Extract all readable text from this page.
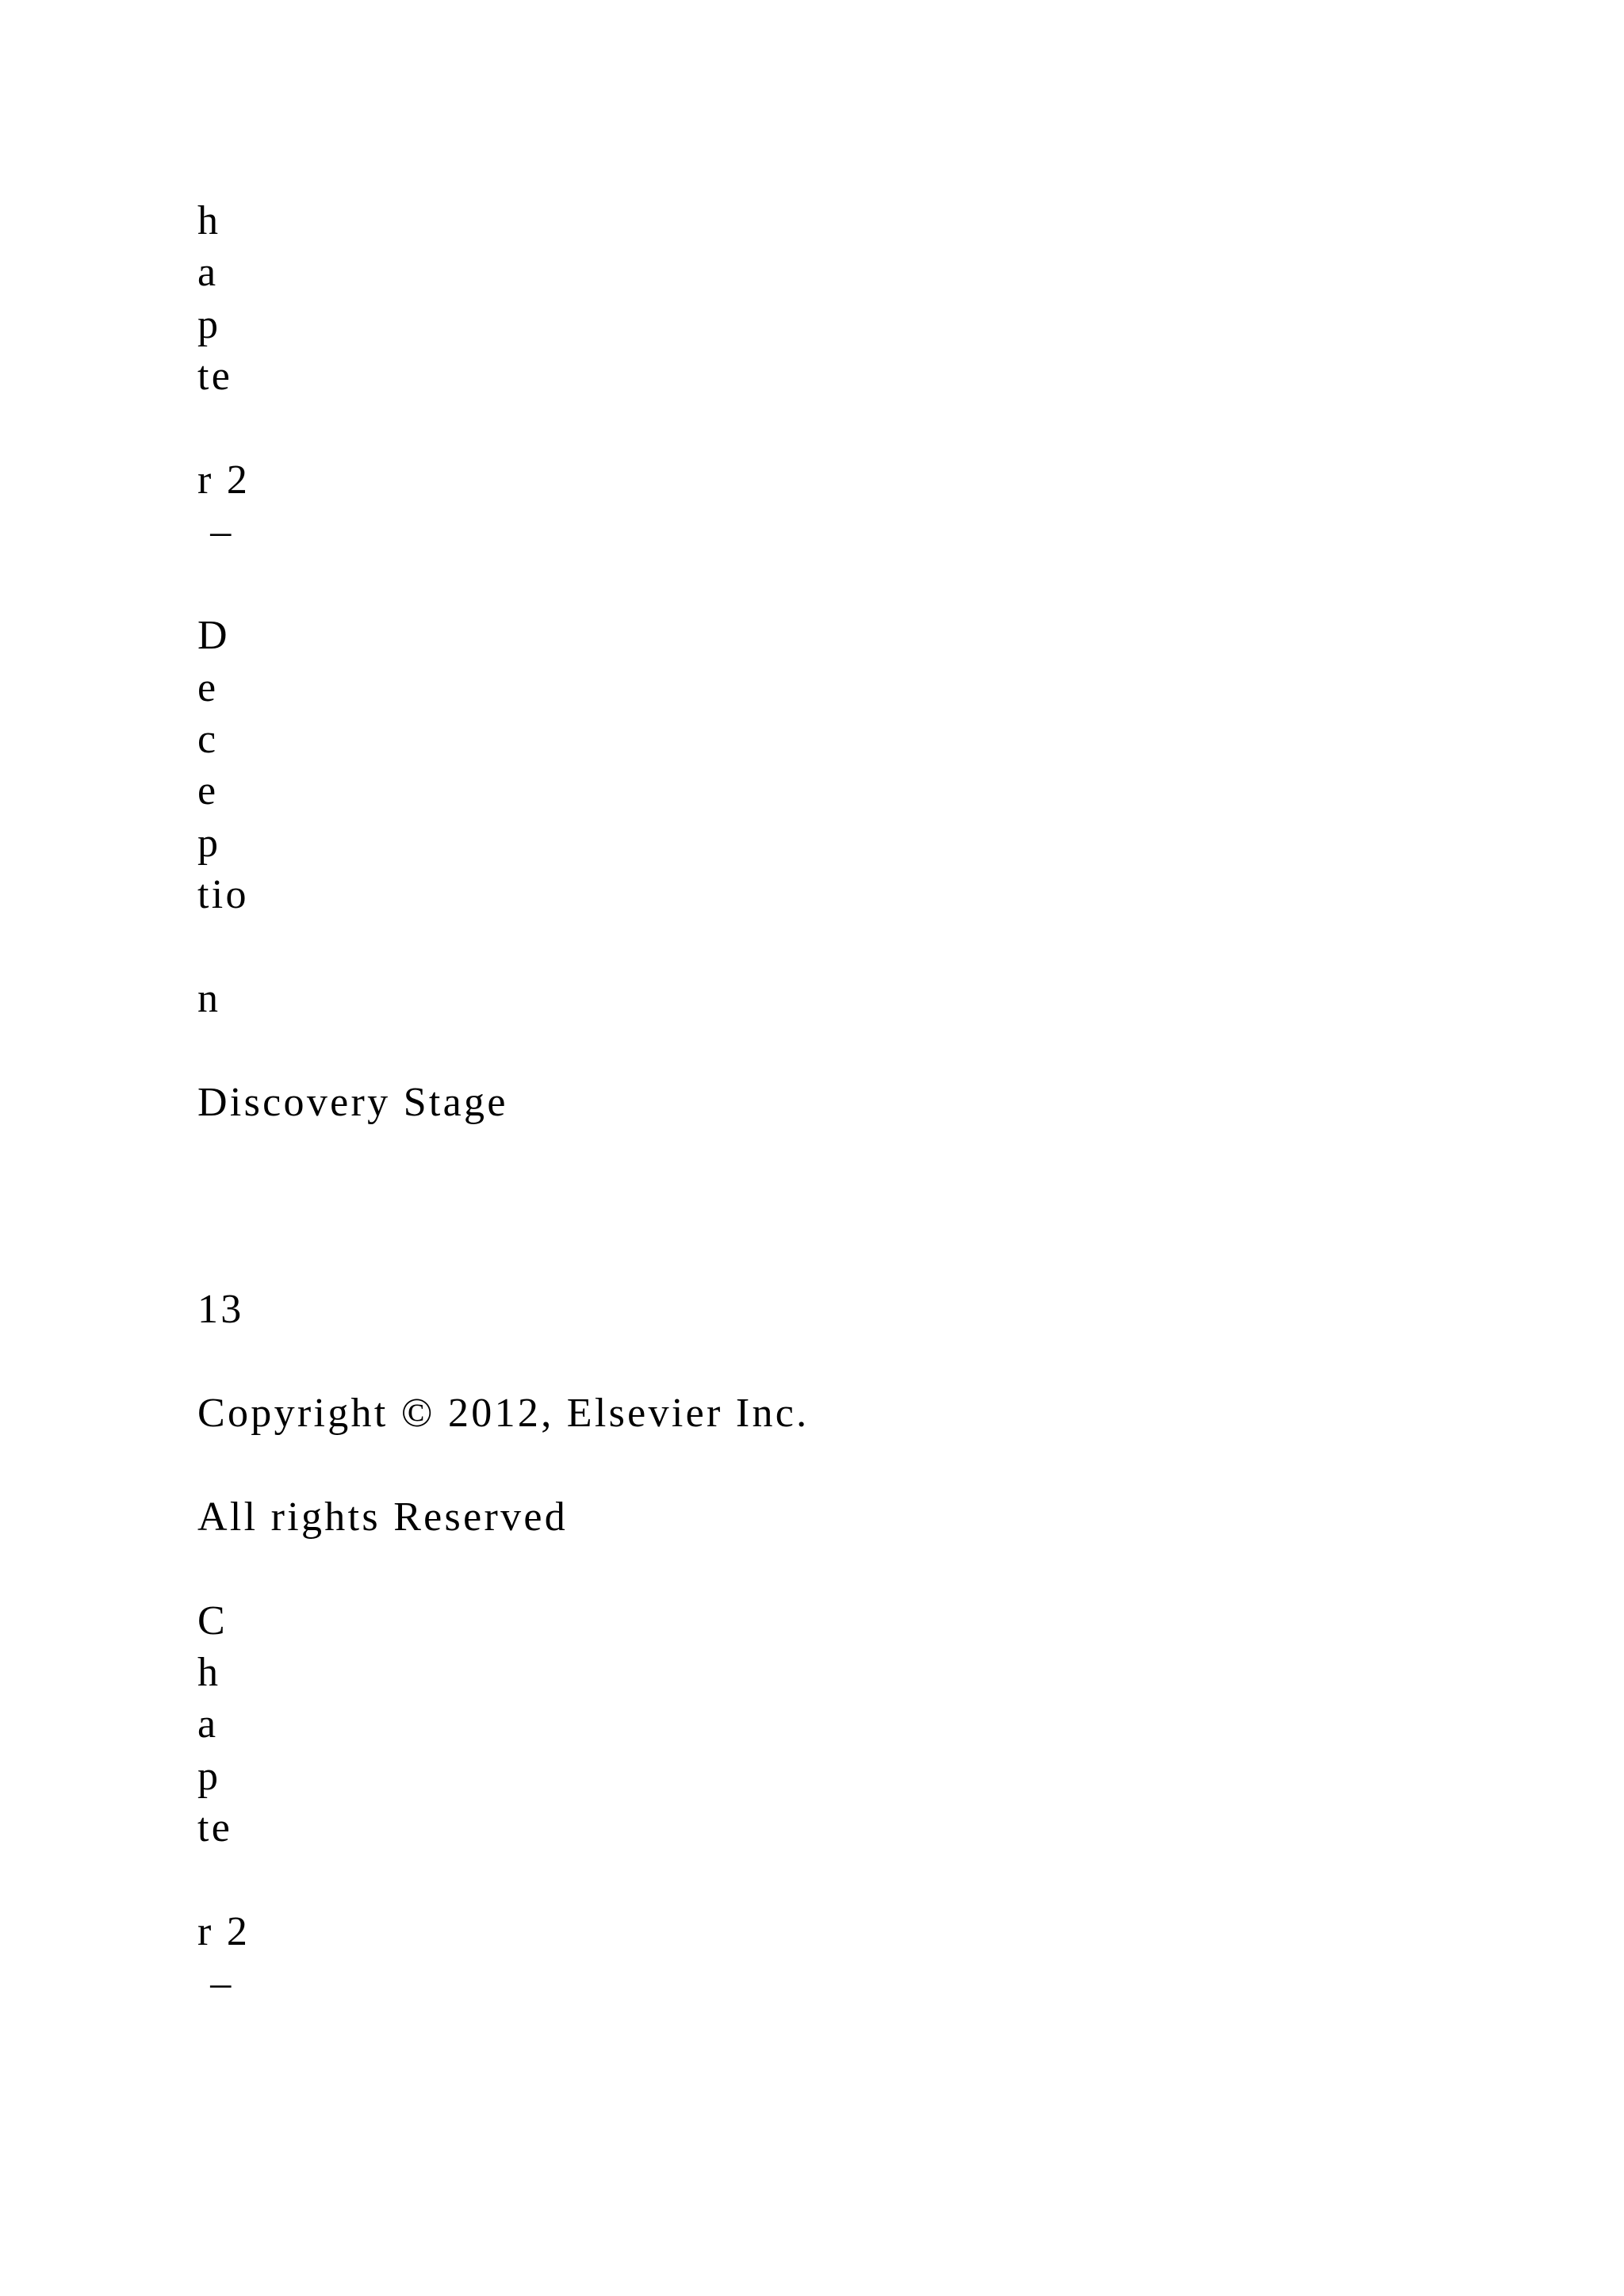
h
a
p
te
r 2
–
D
e
c
e
p
tio
n
Discovery Stage
13
Copyright © 2012, Elsevier Inc.
All rights Reserved
C
h
a
p
te
r 2
–
